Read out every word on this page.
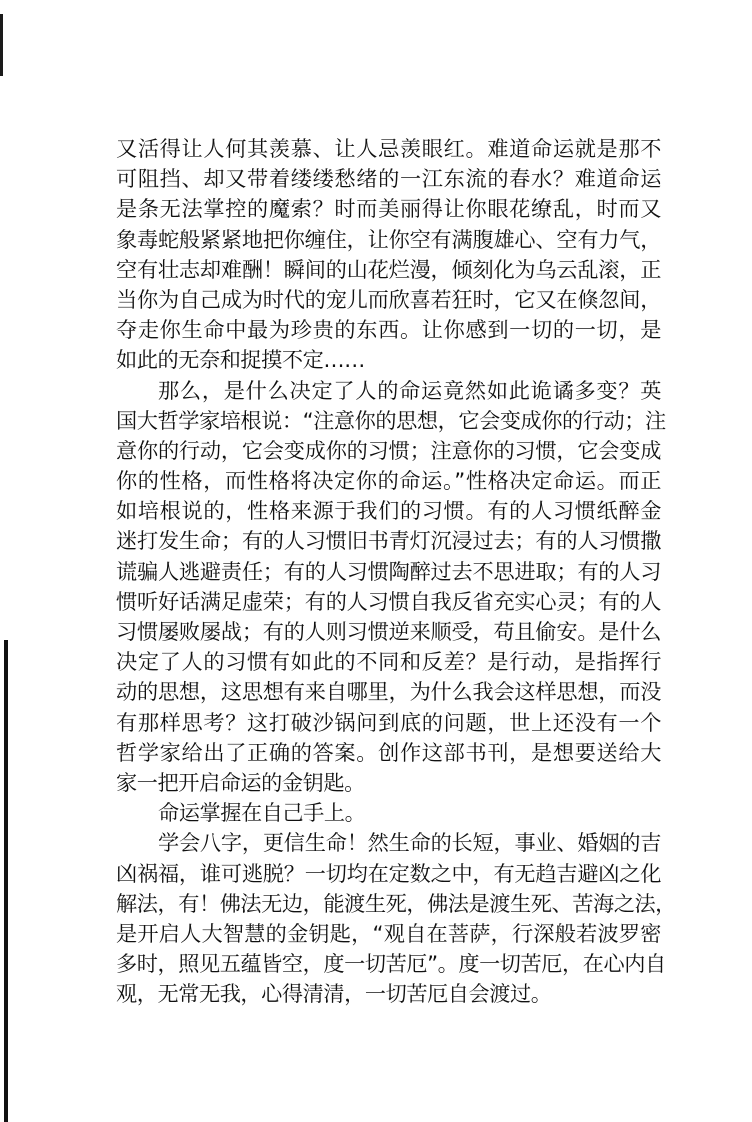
又活得让人何其羡慕、让人忌羡眼红。难道命运就是那不
可阻挡、却又带着缕缕愁绪的一江东流的春水？难道命运
是条无法掌控的魔索？时而美丽得让你眼花缭乱，时而又
象毒蛇般紧紧地把你缠住，让你空有满腹雄心、空有力气，
空有壮志却难酬！瞬间的山花烂漫，倾刻化为乌云乱滚，正
当你为自己成为时代的宠儿而欣喜若狂时，它又在倏忽间，
夺走你生命中最为珍贵的东西。让你感到一切的一切，是
如此的无奈和捉摸不定……
那么，是什么决定了人的命运竟然如此诡谲多变？英
国大哲学家培根说：“注意你的思想，它会变成你的行动；注
意你的行动，它会变成你的习惯；注意你的习惯，它会变成
你的性格，而性格将决定你的命运。”性格决定命运。而正
如培根说的，性格来源于我们的习惯。有的人习惯纸醉金
迷打发生命；有的人习惯旧书青灯沉浸过去；有的人习惯撒
谎骗人逃避责任；有的人习惯陶醉过去不思进取；有的人习
惯听好话满足虚荣；有的人习惯自我反省充实心灵；有的人
习惯屡败屡战；有的人则习惯逆来顺受，苟且偷安。是什么
决定了人的习惯有如此的不同和反差？是行动，是指挥行
动的思想，这思想有来自哪里，为什么我会这样思想，而没
有那样思考？这打破沙锅问到底的问题，世上还没有一个
哲学家给出了正确的答案。创作这部书刊，是想要送给大
家一把开启命运的金钥匙。
命运掌握在自己手上。
学会八字，更信生命！然生命的长短，事业、婚姻的吉
凶祸福，谁可逃脱？一切均在定数之中，有无趋吉避凶之化
解法，有！佛法无边，能渡生死，佛法是渡生死、苦海之法，
是开启人大智慧的金钥匙，“观自在菩萨，行深般若波罗密
多时，照见五蕴皆空，度一切苦厄”。度一切苦厄，在心内自
观，无常无我，心得清清，一切苦厄自会渡过。
